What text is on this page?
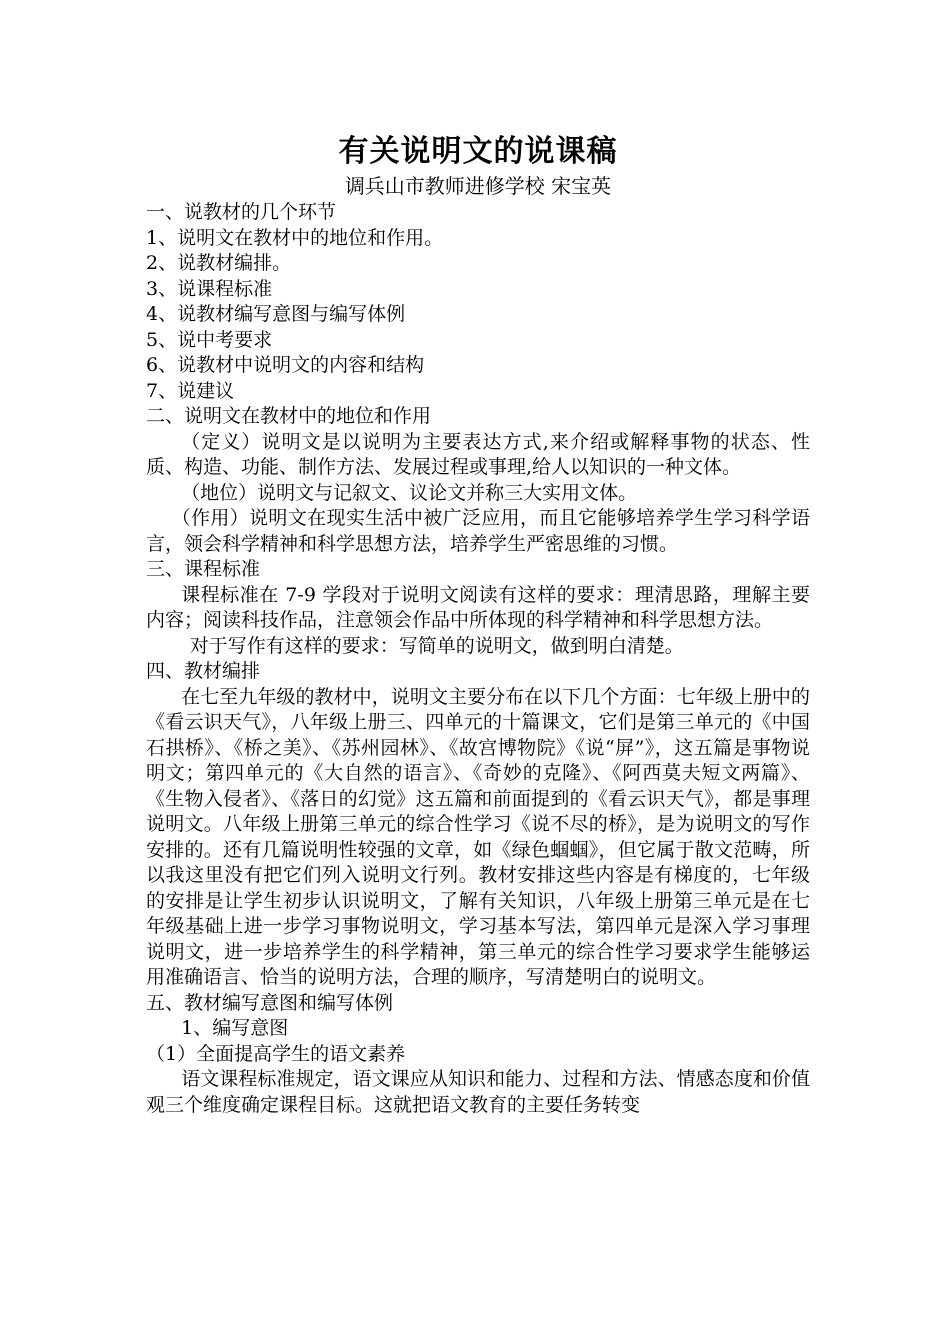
有关说明文的说课稿

调兵山市教师进修学校 宋宝英

一、说教材的几个环节

1、说明文在教材中的地位和作用。

2、说教材编排。

3、说课程标准

4、说教材编写意图与编写体例

5、说中考要求

6、说教材中说明文的内容和结构

7、说建议

二、说明文在教材中的地位和作用

（定义）说明文是以说明为主要表达方式,来介绍或解释事物的状态、性质、构造、功能、制作方法、发展过程或事理,给人以知识的一种文体。

（地位）说明文与记叙文、议论文并称三大实用文体。

（作用）说明文在现实生活中被广泛应用，而且它能够培养学生学习科学语言，领会科学精神和科学思想方法，培养学生严密思维的习惯。

三、课程标准

课程标准在 7-9 学段对于说明文阅读有这样的要求：理清思路，理解主要内容；阅读科技作品，注意领会作品中所体现的科学精神和科学思想方法。

对于写作有这样的要求：写简单的说明文，做到明白清楚。

四、教材编排

在七至九年级的教材中，说明文主要分布在以下几个方面：七年级上册中的《看云识天气》，八年级上册三、四单元的十篇课文，它们是第三单元的《中国石拱桥》、《桥之美》、《苏州园林》、《故宫博物院》《说“屏”》，这五篇是事物说明文；第四单元的《大自然的语言》、《奇妙的克隆》、《阿西莫夫短文两篇》、《生物入侵者》、《落日的幻觉》这五篇和前面提到的《看云识天气》，都是事理说明文。八年级上册第三单元的综合性学习《说不尽的桥》，是为说明文的写作安排的。还有几篇说明性较强的文章，如《绿色蝈蝈》，但它属于散文范畴，所以我这里没有把它们列入说明文行列。教材安排这些内容是有梯度的，七年级的安排是让学生初步认识说明文，了解有关知识，八年级上册第三单元是在七年级基础上进一步学习事物说明文，学习基本写法，第四单元是深入学习事理说明文，进一步培养学生的科学精神，第三单元的综合性学习要求学生能够运用准确语言、恰当的说明方法，合理的顺序，写清楚明白的说明文。

五、教材编写意图和编写体例

1、编写意图

（1）全面提高学生的语文素养

语文课程标准规定，语文课应从知识和能力、过程和方法、情感态度和价值观三个维度确定课程目标。这就把语文教育的主要任务转变
